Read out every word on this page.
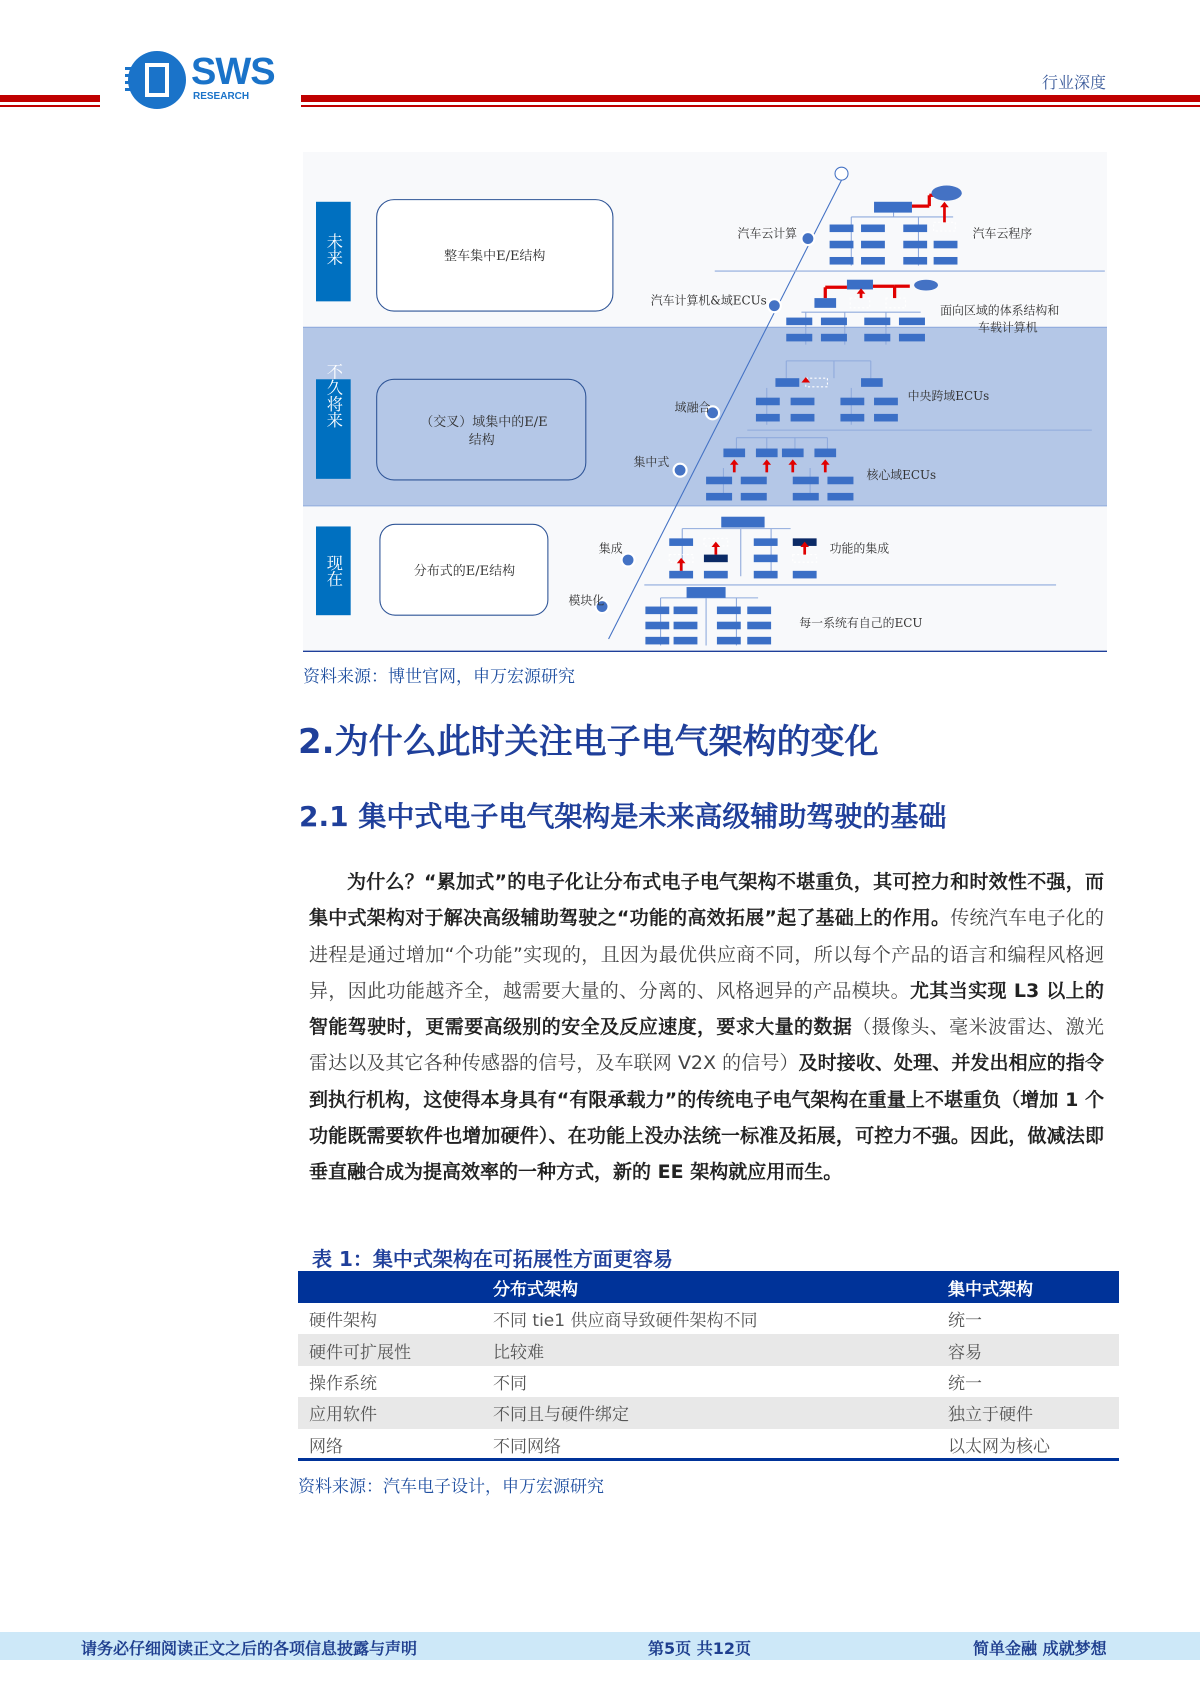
SWS
RESEARCH
行业深度
未来
不久将来
现在
整车集中E/E结构
（交叉）域集中的E/E
结构
分布式的E/E结构
汽车云计算
汽车计算机&域ECUs
域融合
集中式
集成
模块化
汽车云程序
面向区域的体系结构和
车载计算机
中央跨域ECUs
核心域ECUs
功能的集成
每一系统有自己的ECU
资料来源：博世官网，申万宏源研究
2.为什么此时关注电子电气架构的变化
2.1 集中式电子电气架构是未来高级辅助驾驶的基础
为什么？“累加式”的电子化让分布式电子电气架构不堪重负，其可控力和时效性不强，而集中式架构对于解决高级辅助驾驶之“功能的高效拓展”起了基础上的作用。传统汽车电子化的进程是通过增加“个功能”实现的，且因为最优供应商不同，所以每个产品的语言和编程风格迥异，因此功能越齐全，越需要大量的、分离的、风格迥异的产品模块。尤其当实现 L3 以上的智能驾驶时，更需要高级别的安全及反应速度，要求大量的数据（摄像头、毫米波雷达、激光雷达以及其它各种传感器的信号，及车联网 V2X 的信号）及时接收、处理、并发出相应的指令到执行机构，这使得本身具有“有限承载力”的传统电子电气架构在重量上不堪重负（增加 1 个功能既需要软件也增加硬件）、在功能上没办法统一标准及拓展，可控力不强。因此，做减法即垂直融合成为提高效率的一种方式，新的 EE 架构就应用而生。
表 1：集中式架构在可拓展性方面更容易
	分布式架构	集中式架构
硬件架构	不同 tie1 供应商导致硬件架构不同	统一
硬件可扩展性	比较难	容易
操作系统	不同	统一
应用软件	不同且与硬件绑定	独立于硬件
网络	不同网络	以太网为核心
资料来源：汽车电子设计，申万宏源研究
请务必仔细阅读正文之后的各项信息披露与声明	第5页 共12页	简单金融 成就梦想
